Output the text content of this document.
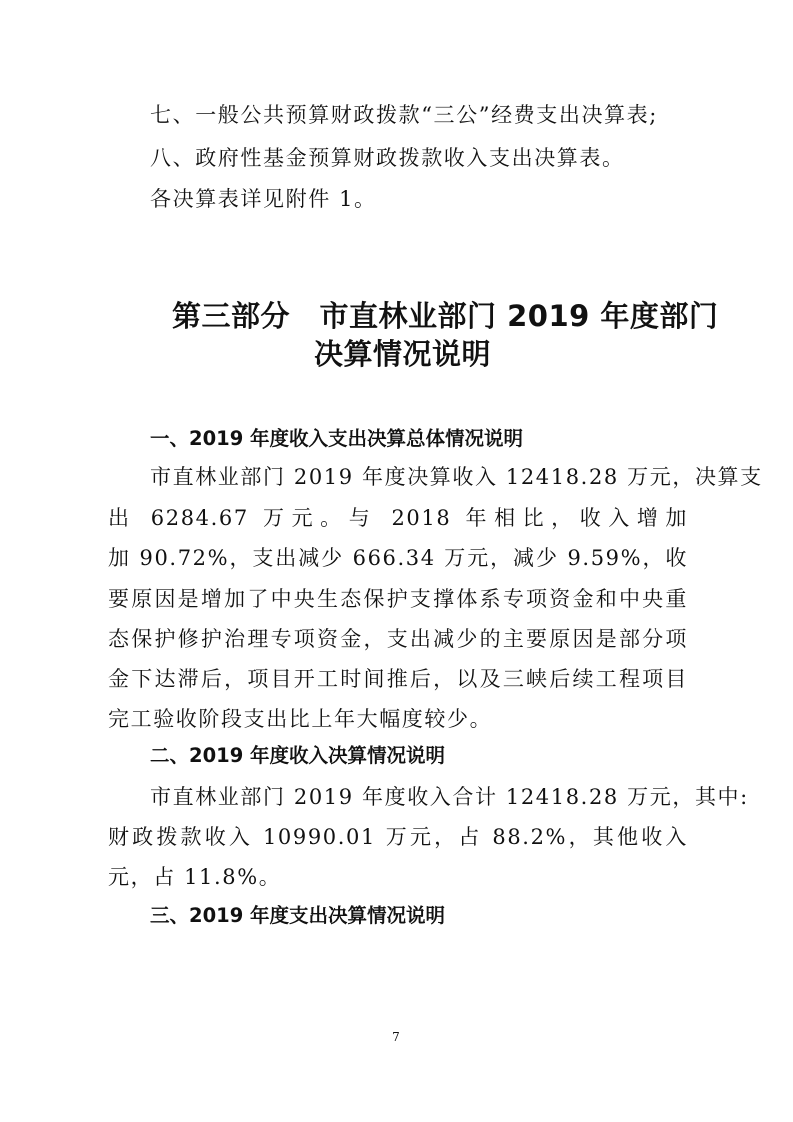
七、一般公共预算财政拨款“三公”经费支出决算表;
八、政府性基金预算财政拨款收入支出决算表。
各决算表详见附件 1。
第三部分　市直林业部门 2019 年度部门
决算情况说明
一、2019 年度收入支出决算总体情况说明
市直林业部门 2019 年度决算收入 12418.28 万元，决算支
出 6284.67 万元。与 2018 年相比，收入增加
加 90.72%，支出减少 666.34 万元，减少 9.59%，收
要原因是增加了中央生态保护支撑体系专项资金和中央重
态保护修护治理专项资金，支出减少的主要原因是部分项
金下达滞后，项目开工时间推后，以及三峡后续工程项目
完工验收阶段支出比上年大幅度较少。
二、2019 年度收入决算情况说明
市直林业部门 2019 年度收入合计 12418.28 万元，其中:
财政拨款收入 10990.01 万元，占 88.2%，其他收入
元，占 11.8%。
三、2019 年度支出决算情况说明
7
